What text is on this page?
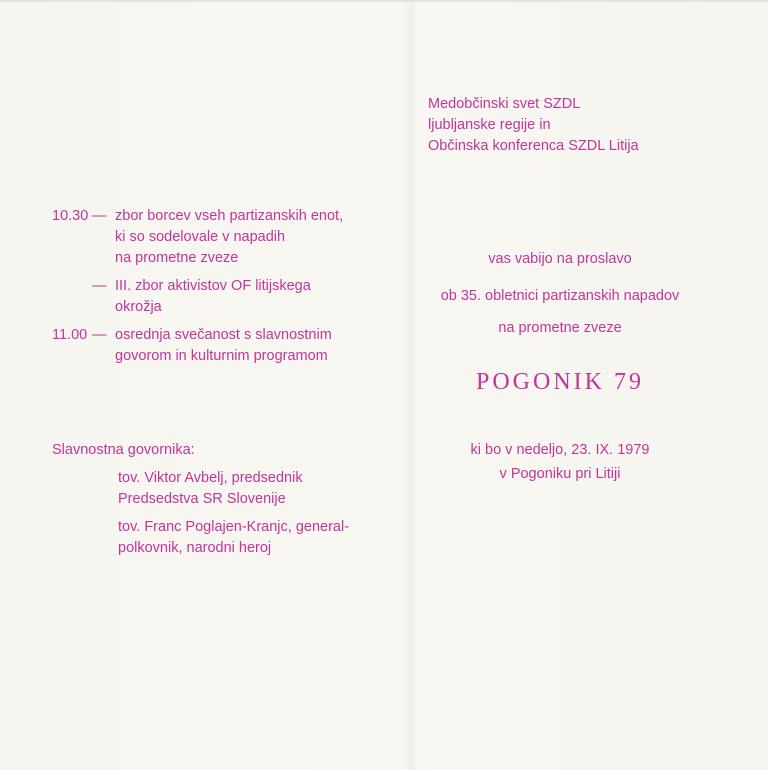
Medobčinski svet SZDL
ljubljanske regije in
Občinska konferenca SZDL Litija
10.30 — zbor borcev vseh partizanskih enot,
ki so sodelovale v napadih
na prometne zveze
— III. zbor aktivistov OF litijskega
okrožja
11.00 — osrednja svečanost s slavnostnim
govorom in kulturnim programom
Slavnostna govornika:
tov. Viktor Avbelj, predsednik
Predsedstva SR Slovenije
tov. Franc Poglajen-Kranjc, general-
polkovnik, narodni heroj
vas vabijo na proslavo
ob 35. obletnici partizanskih napadov
na prometne zveze
POGONIK 79
ki bo v nedeljo, 23. IX. 1979
v Pogoniku pri Litiji
